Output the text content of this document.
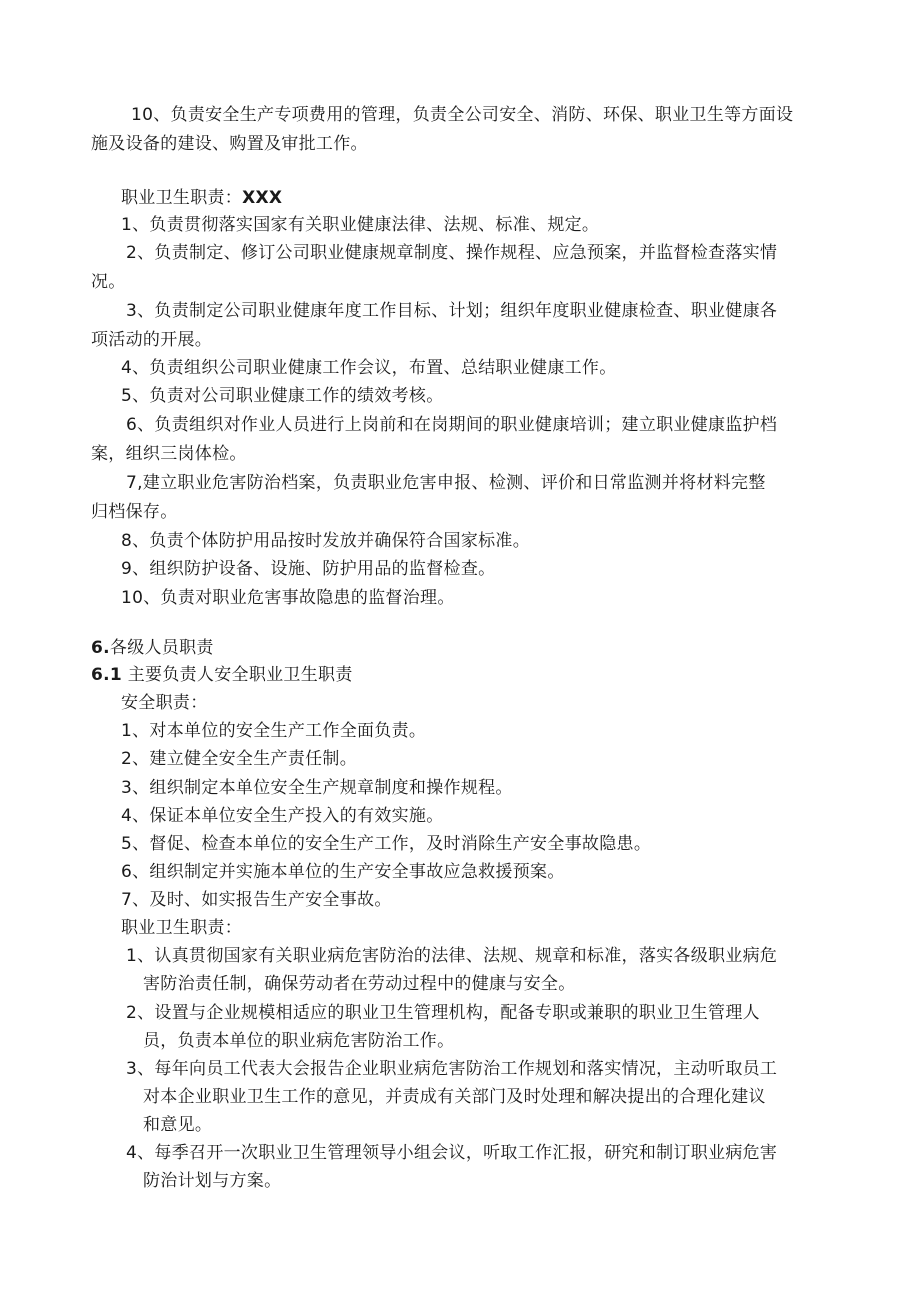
10、负责安全生产专项费用的管理，负责全公司安全、消防、环保、职业卫生等方面设
施及设备的建设、购置及审批工作。
职业卫生职责：XXX
1、负责贯彻落实国家有关职业健康法律、法规、标准、规定。
2、负责制定、修订公司职业健康规章制度、操作规程、应急预案，并监督检查落实情
况。
3、负责制定公司职业健康年度工作目标、计划；组织年度职业健康检查、职业健康各
项活动的开展。
4、负责组织公司职业健康工作会议，布置、总结职业健康工作。
5、负责对公司职业健康工作的绩效考核。
6、负责组织对作业人员进行上岗前和在岗期间的职业健康培训；建立职业健康监护档
案，组织三岗体检。
7,建立职业危害防治档案，负责职业危害申报、检测、评价和日常监测并将材料完整
归档保存。
8、负责个体防护用品按时发放并确保符合国家标准。
9、组织防护设备、设施、防护用品的监督检查。
10、负责对职业危害事故隐患的监督治理。
6.各级人员职责
6.1 主要负责人安全职业卫生职责
安全职责：
1、对本单位的安全生产工作全面负责。
2、建立健全安全生产责任制。
3、组织制定本单位安全生产规章制度和操作规程。
4、保证本单位安全生产投入的有效实施。
5、督促、检查本单位的安全生产工作，及时消除生产安全事故隐患。
6、组织制定并实施本单位的生产安全事故应急救援预案。
7、及时、如实报告生产安全事故。
职业卫生职责：
1、认真贯彻国家有关职业病危害防治的法律、法规、规章和标准，落实各级职业病危
害防治责任制，确保劳动者在劳动过程中的健康与安全。
2、设置与企业规模相适应的职业卫生管理机构，配备专职或兼职的职业卫生管理人
员，负责本单位的职业病危害防治工作。
3、每年向员工代表大会报告企业职业病危害防治工作规划和落实情况，主动听取员工
对本企业职业卫生工作的意见，并责成有关部门及时处理和解决提出的合理化建议
和意见。
4、每季召开一次职业卫生管理领导小组会议，听取工作汇报，研究和制订职业病危害
防治计划与方案。
